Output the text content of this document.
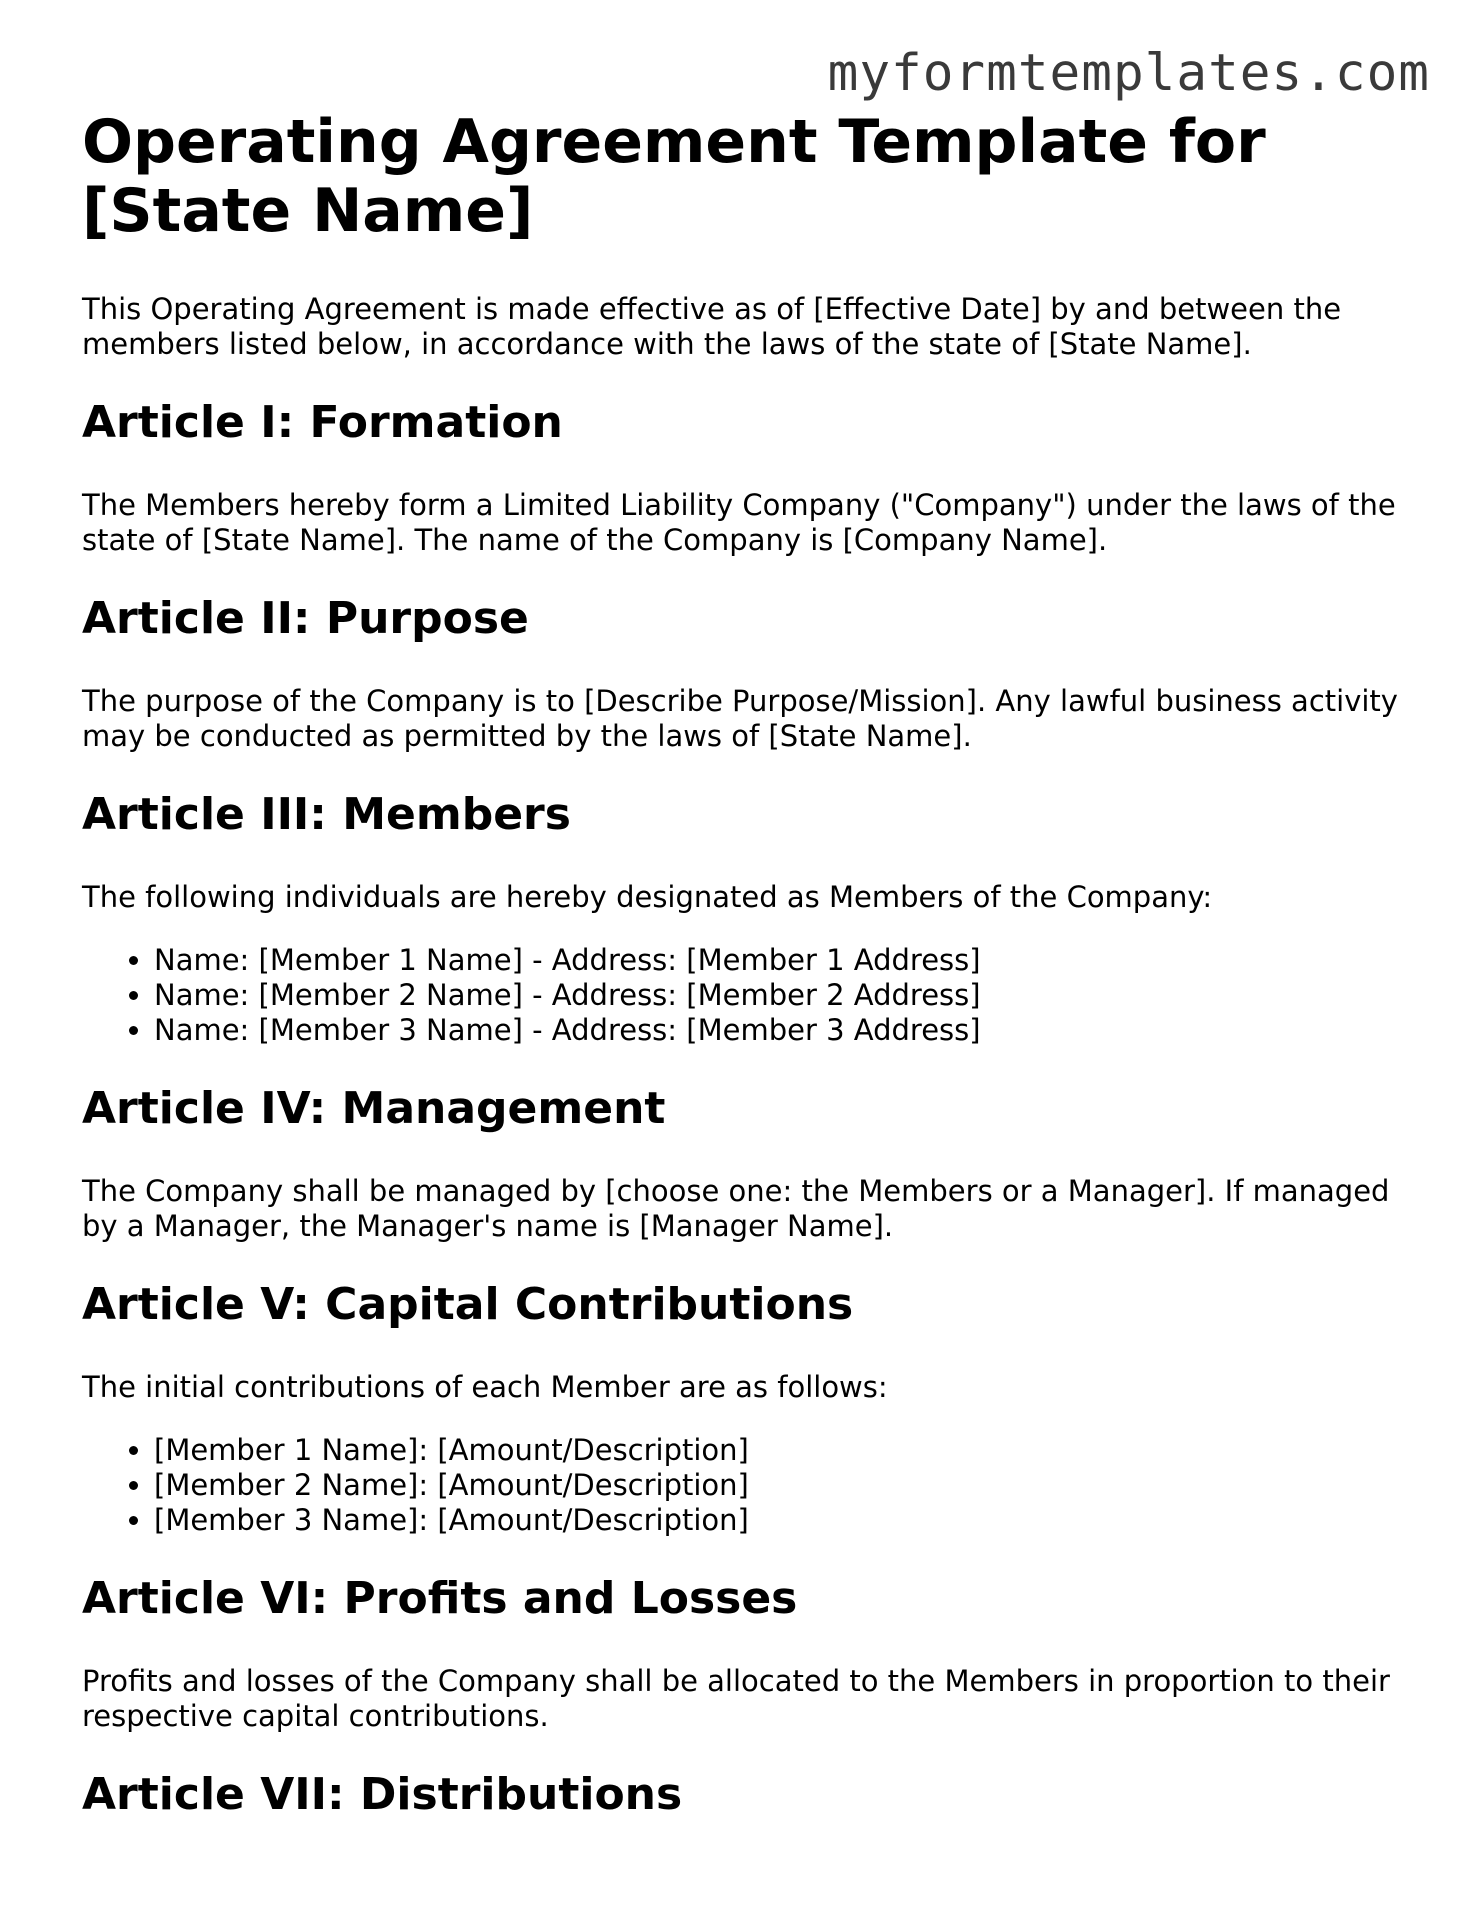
myformtemplates.com
Operating Agreement Template for [State Name]

This Operating Agreement is made effective as of [Effective Date] by and between the members listed below, in accordance with the laws of the state of [State Name].

Article I: Formation

The Members hereby form a Limited Liability Company ("Company") under the laws of the state of [State Name]. The name of the Company is [Company Name].

Article II: Purpose

The purpose of the Company is to [Describe Purpose/Mission]. Any lawful business activity may be conducted as permitted by the laws of [State Name].

Article III: Members

The following individuals are hereby designated as Members of the Company:

• Name: [Member 1 Name] - Address: [Member 1 Address]
• Name: [Member 2 Name] - Address: [Member 2 Address]
• Name: [Member 3 Name] - Address: [Member 3 Address]
Article IV: Management

The Company shall be managed by [choose one: the Members or a Manager]. If managed by a Manager, the Manager's name is [Manager Name].

Article V: Capital Contributions

The initial contributions of each Member are as follows:

• [Member 1 Name]: [Amount/Description]
• [Member 2 Name]: [Amount/Description]
• [Member 3 Name]: [Amount/Description]
Article VI: Profits and Losses

Profits and losses of the Company shall be allocated to the Members in proportion to their respective capital contributions.

Article VII: Distributions
